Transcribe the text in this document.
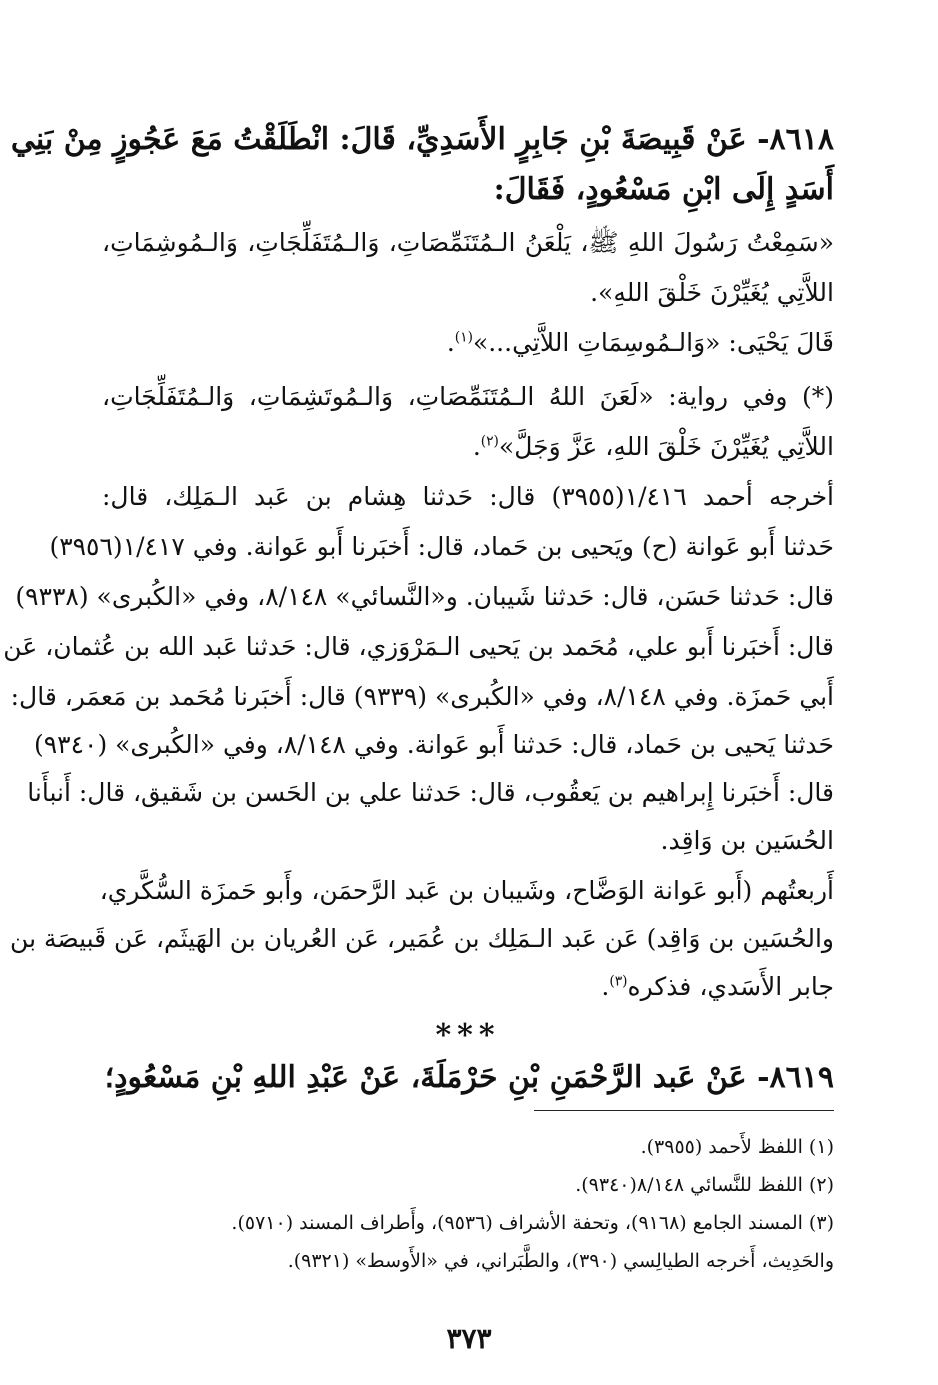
٨٦١٨- عَنْ قَبِيصَةَ بْنِ جَابِرٍ الأَسَدِيِّ، قَالَ: انْطَلَقْتُ مَعَ عَجُوزٍ مِنْ بَنِي
أَسَدٍ إِلَى ابْنِ مَسْعُودٍ، فَقَالَ:
«سَمِعْتُ رَسُولَ اللهِ ﷺ، يَلْعَنُ الـمُتَنَمِّصَاتِ، وَالـمُتَفَلِّجَاتِ، وَالـمُوشِمَاتِ،
اللاَّتِي يُغَيِّرْنَ خَلْقَ اللهِ».
قَالَ يَحْيَى: «وَالـمُوسِمَاتِ اللاَّتِي...»$^{(١)}$.
(*) وفي رواية: «لَعَنَ اللهُ الـمُتَنَمِّصَاتِ، وَالـمُوتَشِمَاتِ، وَالـمُتَفَلِّجَاتِ،
اللاَّتِي يُغَيِّرْنَ خَلْقَ اللهِ، عَزَّ وَجَلَّ»$^{(٢)}$.
أخرجه أحمد ١/٤١٦(٣٩٥٥) قال: حَدثنا هِشام بن عَبد الـمَلِك، قال:
حَدثنا أَبو عَوانة (ح) ويَحيى بن حَماد، قال: أَخبَرنا أَبو عَوانة. وفي ١/٤١٧(٣٩٥٦)
قال: حَدثنا حَسَن، قال: حَدثنا شَيبان. و«النَّسائي» ٨/١٤٨، وفي «الكُبرى» (٩٣٣٨)
قال: أَخبَرنا أَبو علي، مُحَمد بن يَحيى الـمَرْوَزي، قال: حَدثنا عَبد الله بن عُثمان، عَن
أَبي حَمزَة. وفي ٨/١٤٨، وفي «الكُبرى» (٩٣٣٩) قال: أَخبَرنا مُحَمد بن مَعمَر، قال:
حَدثنا يَحيى بن حَماد، قال: حَدثنا أَبو عَوانة. وفي ٨/١٤٨، وفي «الكُبرى» (٩٣٤٠)
قال: أَخبَرنا إِبراهيم بن يَعقُوب، قال: حَدثنا علي بن الحَسن بن شَقيق، قال: أَنبأَنا
الحُسَين بن وَاقِد.
أَربعتُهم (أَبو عَوانة الوَضَّاح، وشَيبان بن عَبد الرَّحمَن، وأَبو حَمزَة السُّكَّري،
والحُسَين بن وَاقِد) عَن عَبد الـمَلِك بن عُمَير، عَن العُريان بن الهَيثَم، عَن قَبيصَة بن
جابر الأَسَدي، فذكره$^{(٣)}$.
***
٨٦١٩- عَنْ عَبد الرَّحْمَنِ بْنِ حَرْمَلَةَ، عَنْ عَبْدِ اللهِ بْنِ مَسْعُودٍ؛
(١) اللفظ لأَحمد (٣٩٥٥).
(٢) اللفظ للنَّسائي ٨/١٤٨(٩٣٤٠).
(٣) المسند الجامع (٩١٦٨)، وتحفة الأشراف (٩٥٣٦)، وأَطراف المسند (٥٧١٠).
والحَدِيث، أَخرجه الطيالِسي (٣٩٠)، والطَّبَراني، في «الأَوسط» (٩٣٢١).
٣٧٣
